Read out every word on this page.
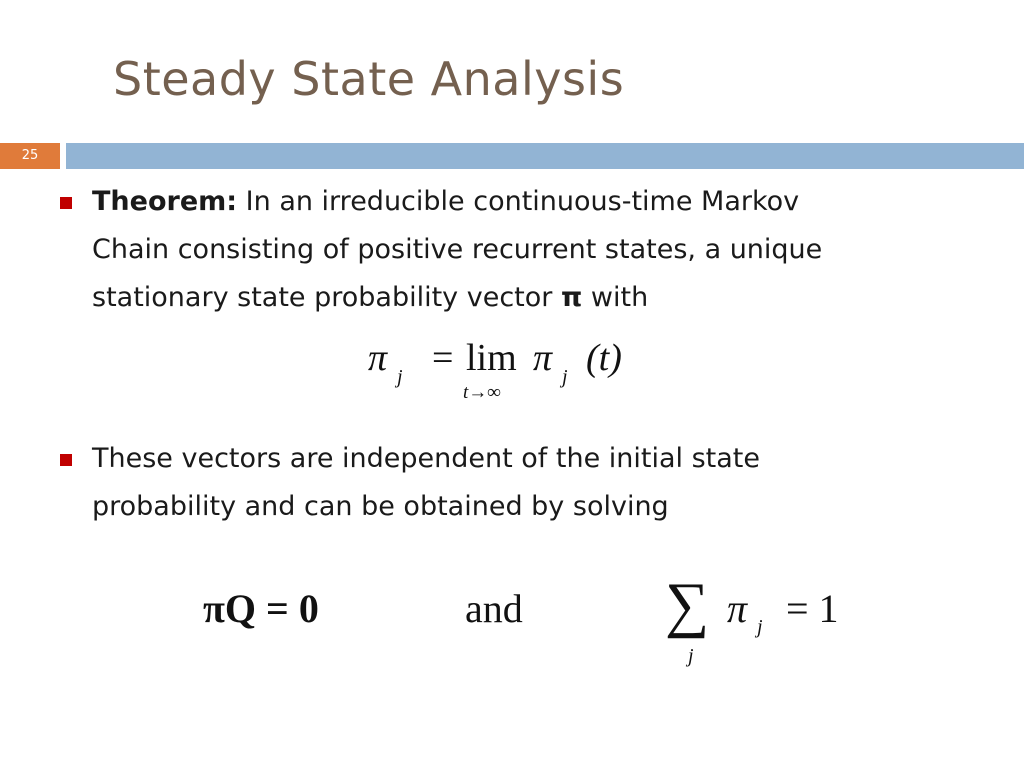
Steady State Analysis
25
Theorem: In an irreducible continuous-time Markov
Chain consisting of positive recurrent states, a unique
stationary state probability vector π with
π j = lim
t→∞
π j (t)
These vectors are independent of the initial state
probability and can be obtained by solving
πQ = 0	and ∑
j
π j = 1
